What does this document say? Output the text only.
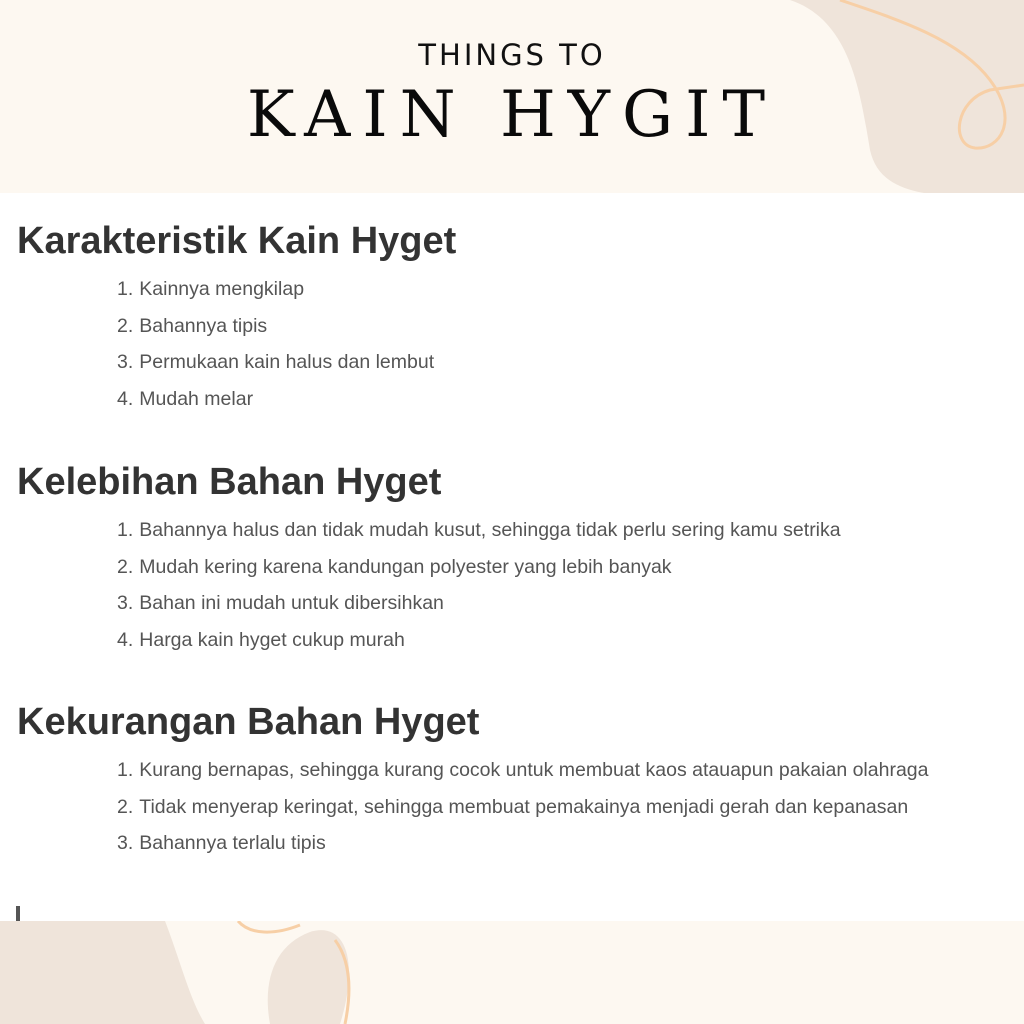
THINGS TO
KAIN HYGIT
Karakteristik Kain Hyget
1. Kainnya mengkilap
2. Bahannya tipis
3. Permukaan kain halus dan lembut
4. Mudah melar
Kelebihan Bahan Hyget
1. Bahannya halus dan tidak mudah kusut, sehingga tidak perlu sering kamu setrika
2. Mudah kering karena kandungan polyester yang lebih banyak
3. Bahan ini mudah untuk dibersihkan
4. Harga kain hyget cukup murah
Kekurangan Bahan Hyget
1. Kurang bernapas, sehingga kurang cocok untuk membuat kaos atauapun pakaian olahraga
2. Tidak menyerap keringat, sehingga membuat pemakainya menjadi gerah dan kepanasan
3. Bahannya terlalu tipis
